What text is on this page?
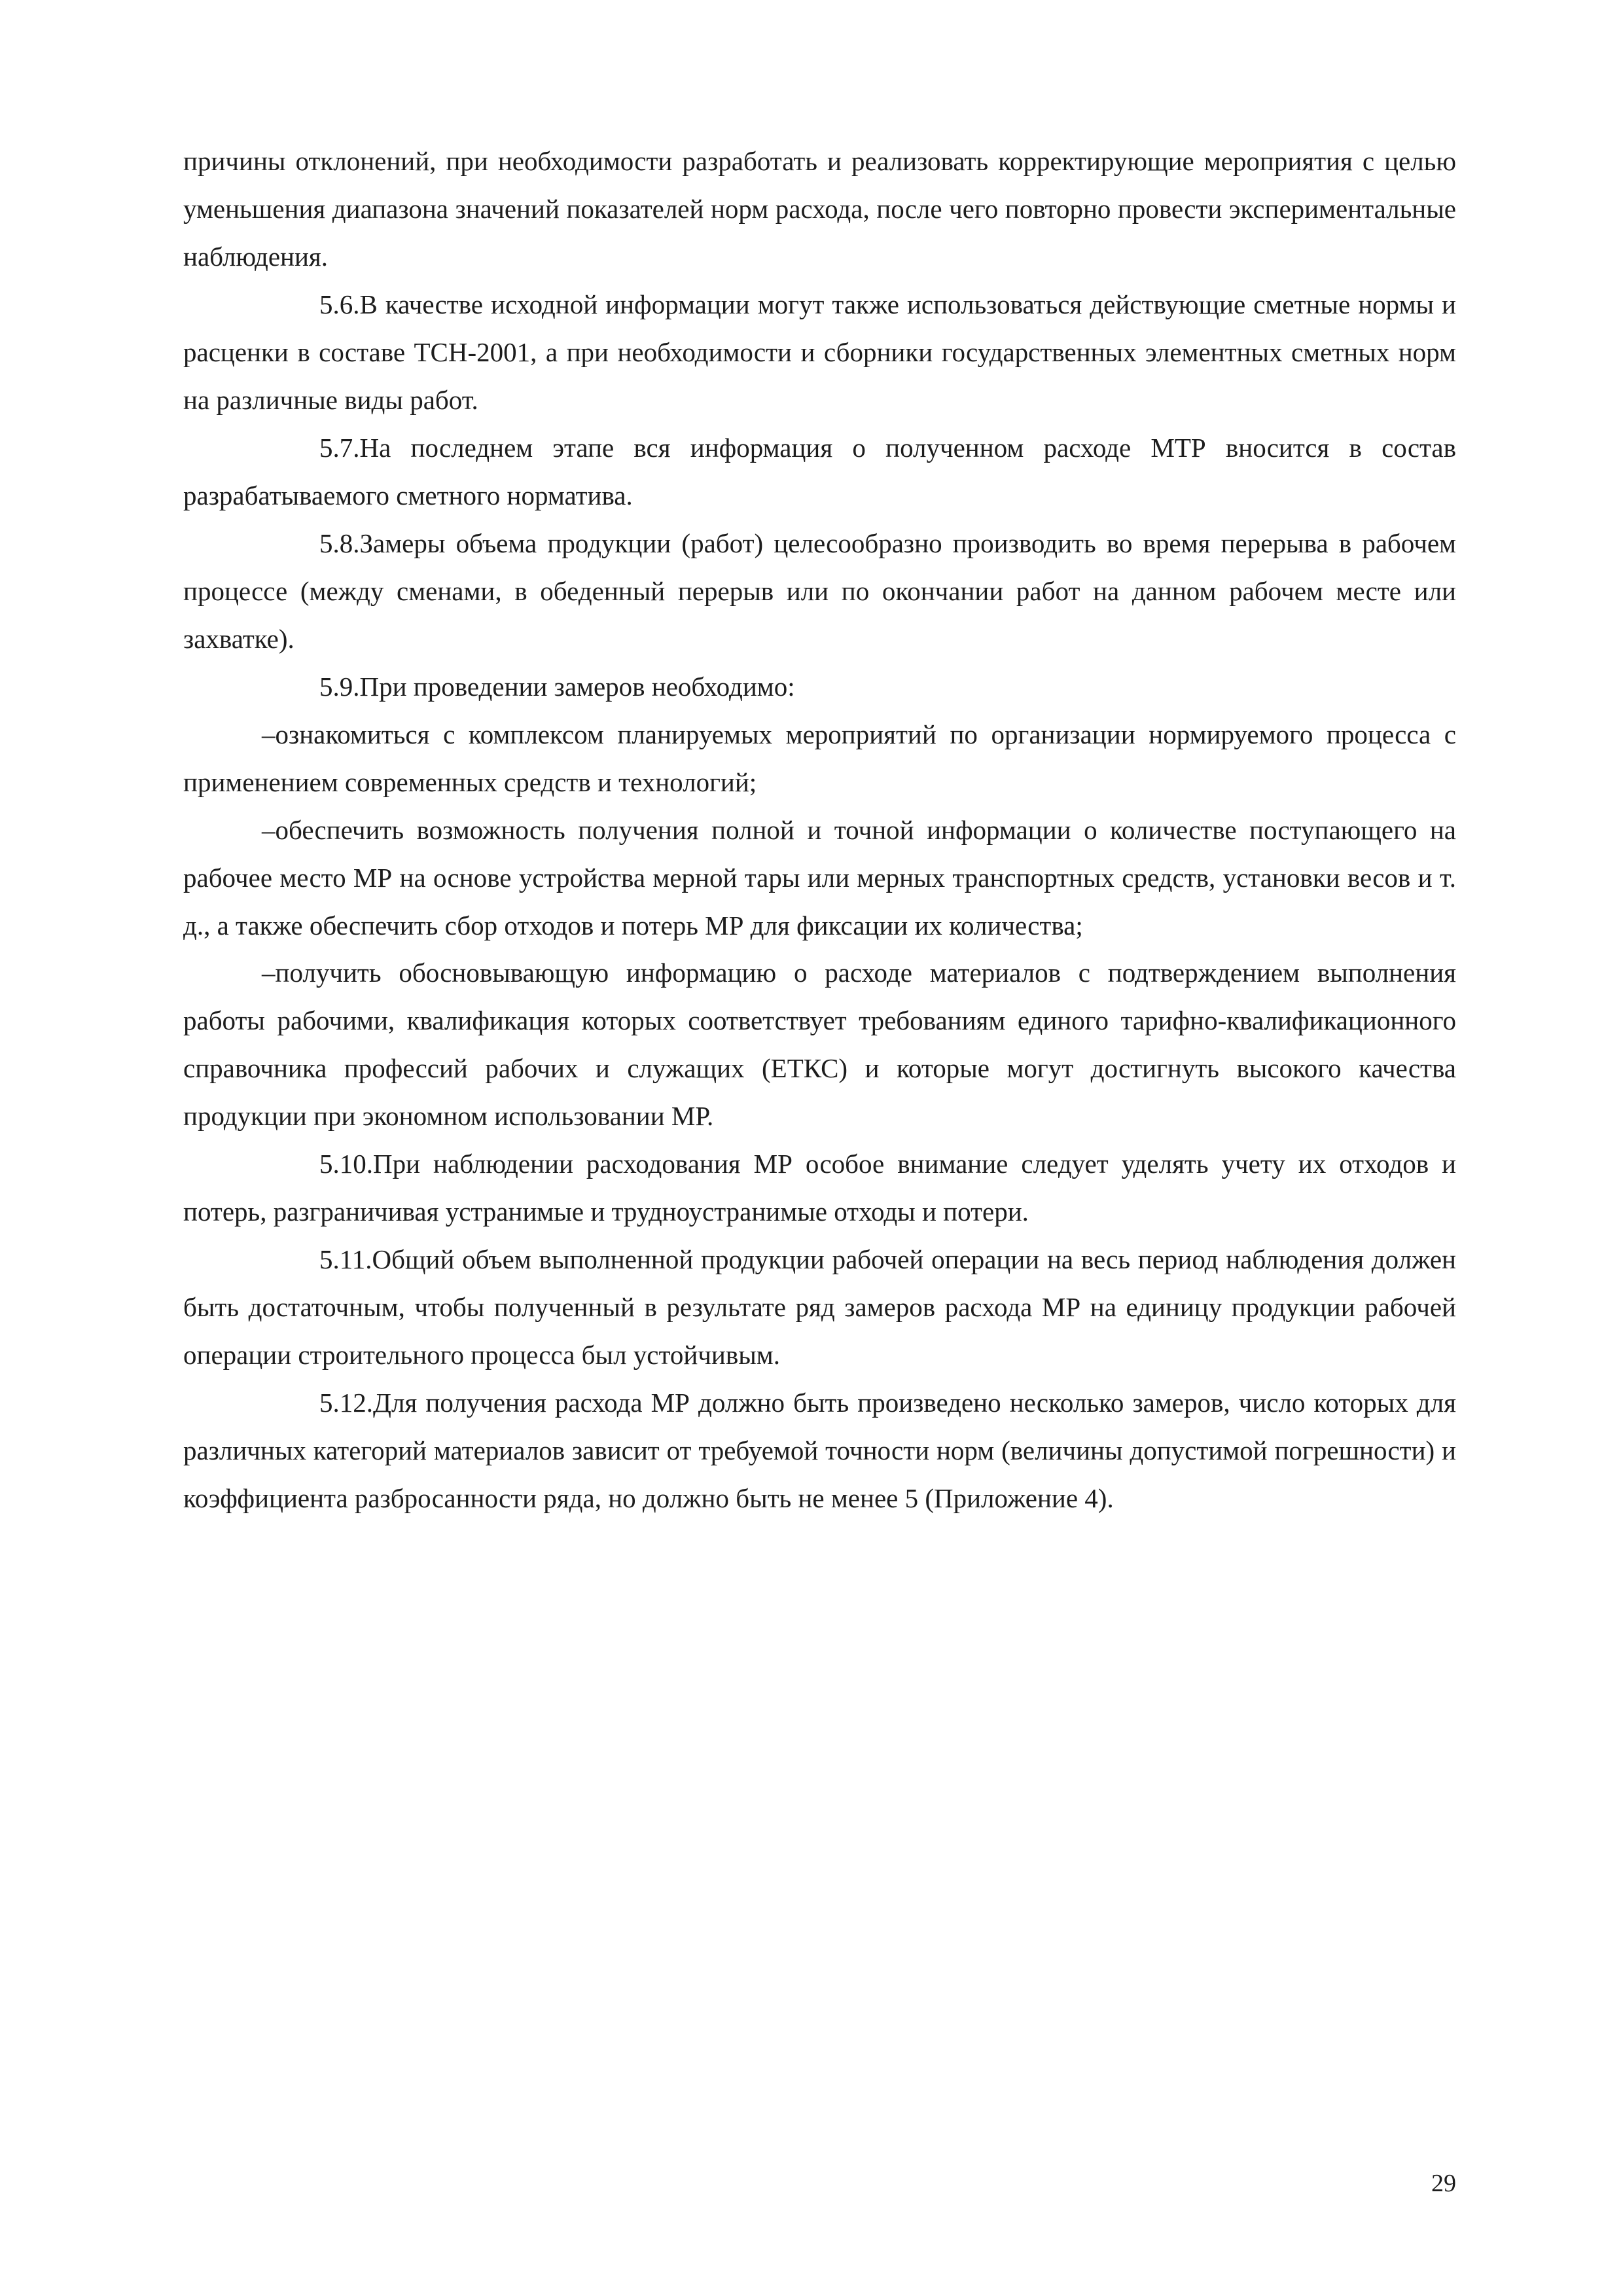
причины отклонений, при необходимости разработать и реализовать корректирующие мероприятия с целью уменьшения диапазона значений показателей норм расхода, после чего повторно провести экспериментальные наблюдения.

5.6.В качестве исходной информации могут также использоваться действующие сметные нормы и расценки в составе ТСН-2001, а при необходимости и сборники государственных элементных сметных норм на различные виды работ.

5.7.На последнем этапе вся информация о полученном расходе МТР вносится в состав разрабатываемого сметного норматива.

5.8.Замеры объема продукции (работ) целесообразно производить во время перерыва в рабочем процессе (между сменами, в обеденный перерыв или по окончании работ на данном рабочем месте или захватке).

5.9.При проведении замеров необходимо:

–ознакомиться с комплексом планируемых мероприятий по организации нормируемого процесса с применением современных средств и технологий;

–обеспечить возможность получения полной и точной информации о количестве поступающего на рабочее место МР на основе устройства мерной тары или мерных транспортных средств, установки весов и т. д., а также обеспечить сбор отходов и потерь МР для фиксации их количества;

–получить обосновывающую информацию о расходе материалов с подтверждением выполнения работы рабочими, квалификация которых соответствует требованиям единого тарифно-квалификационного справочника профессий рабочих и служащих (ЕТКС) и которые могут достигнуть высокого качества продукции при экономном использовании МР.

5.10.При наблюдении расходования МР особое внимание следует уделять учету их отходов и потерь, разграничивая устранимые и трудноустранимые отходы и потери.

5.11.Общий объем выполненной продукции рабочей операции на весь период наблюдения должен быть достаточным, чтобы полученный в результате ряд замеров расхода МР на единицу продукции рабочей операции строительного процесса был устойчивым.

5.12.Для получения расхода МР должно быть произведено несколько замеров, число которых для различных категорий материалов зависит от требуемой точности норм (величины допустимой погрешности) и коэффициента разбросанности ряда, но должно быть не менее 5 (Приложение 4).

29
